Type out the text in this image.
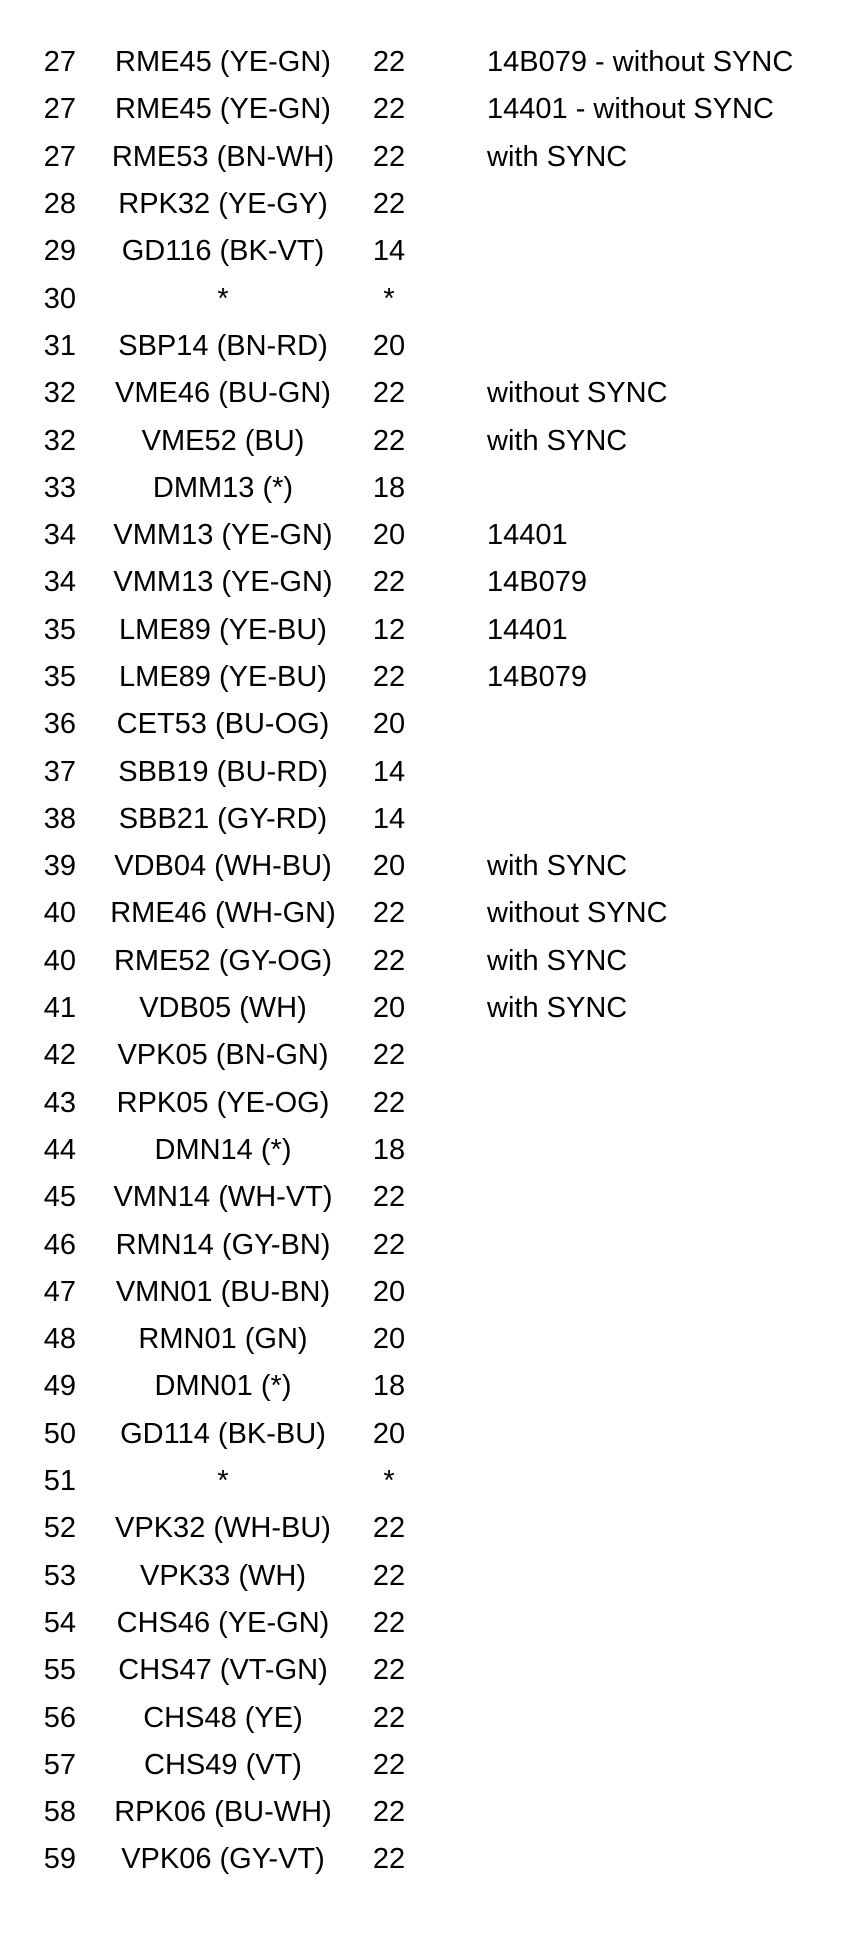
27	RME45 (YE-GN)	22		14B079 - without SYNC
27	RME45 (YE-GN)	22		14401 - without SYNC
27	RME53 (BN-WH)	22		with SYNC
28	RPK32 (YE-GY)	22		
29	GD116 (BK-VT)	14		
30	*	*		
31	SBP14 (BN-RD)	20		
32	VME46 (BU-GN)	22		without SYNC
32	VME52 (BU)	22		with SYNC
33	DMM13 (*)	18		
34	VMM13 (YE-GN)	20		14401
34	VMM13 (YE-GN)	22		14B079
35	LME89 (YE-BU)	12		14401
35	LME89 (YE-BU)	22		14B079
36	CET53 (BU-OG)	20		
37	SBB19 (BU-RD)	14		
38	SBB21 (GY-RD)	14		
39	VDB04 (WH-BU)	20		with SYNC
40	RME46 (WH-GN)	22		without SYNC
40	RME52 (GY-OG)	22		with SYNC
41	VDB05 (WH)	20		with SYNC
42	VPK05 (BN-GN)	22		
43	RPK05 (YE-OG)	22		
44	DMN14 (*)	18		
45	VMN14 (WH-VT)	22		
46	RMN14 (GY-BN)	22		
47	VMN01 (BU-BN)	20		
48	RMN01 (GN)	20		
49	DMN01 (*)	18		
50	GD114 (BK-BU)	20		
51	*	*		
52	VPK32 (WH-BU)	22		
53	VPK33 (WH)	22		
54	CHS46 (YE-GN)	22		
55	CHS47 (VT-GN)	22		
56	CHS48 (YE)	22		
57	CHS49 (VT)	22		
58	RPK06 (BU-WH)	22		
59	VPK06 (GY-VT)	22		
